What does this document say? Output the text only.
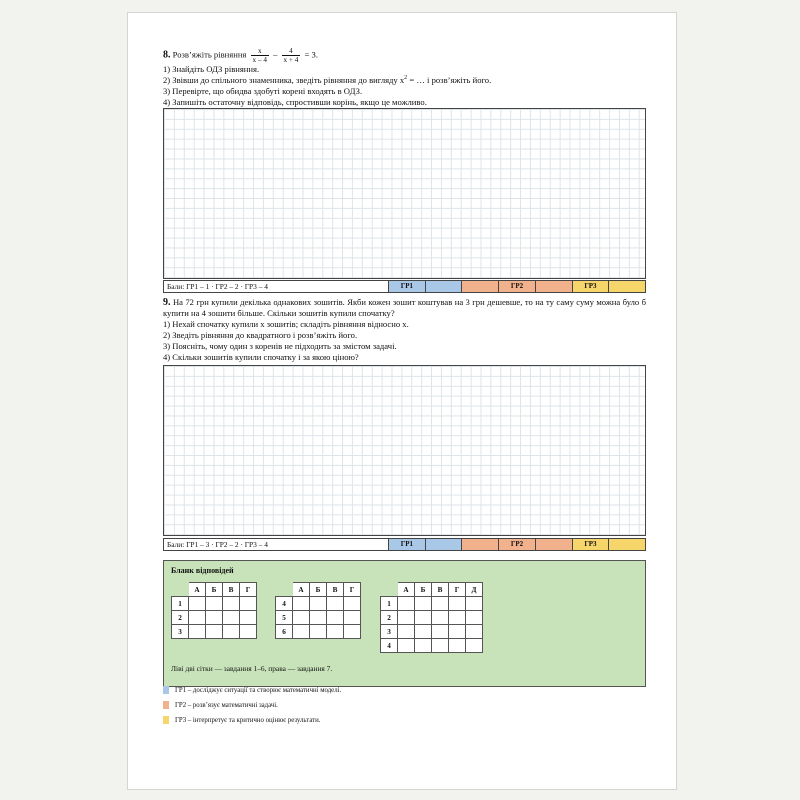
8. Розв’яжіть рівняння $\frac{x}{x - 4} - \frac{4}{x + 4} = 3$.

1) Знайдіть ОДЗ рівняння.

2) Звівши до спільного знаменника, зведіть рівняння до вигляду $x^2$ = … і розв’яжіть його.

3) Перевірте, що обидва здобуті корені входять в ОДЗ.

4) Запишіть остаточну відповідь, спростивши корінь, якщо це можливо.

Бали: ГР1 – 1 · ГР2 – 2 · ГР3 – 4	ГР1	ГР2	ГР3

9. На 72 грн купили декілька однакових зошитів. Якби кожен зошит коштував на 3 грн дешевше, то на ту саму суму можна було б купити на 4 зошити більше. Скільки зошитів купили спочатку?

1) Нехай спочатку купили x зошитів; складіть рівняння відносно x.

2) Зведіть рівняння до квадратного і розв’яжіть його.

3) Поясніть, чому один з коренів не підходить за змістом задачі.

4) Скільки зошитів купили спочатку і за якою ціною?

Бали: ГР1 – 3 · ГР2 – 2 · ГР3 – 4	ГР1	ГР2	ГР3
Бланк відповідей
	А	Б	В	Г
1				
2				
3				
	А	Б	В	Г
4				
5				
6				
	А	Б	В	Г	Д
1					
2					
3					
4					
Ліві дві сітки — завдання 1–6, права — завдання 7.
ГР1 – досліджує ситуації та створює математичні моделі.
ГР2 – розв’язує математичні задачі.
ГР3 – інтерпретує та критично оцінює результати.
